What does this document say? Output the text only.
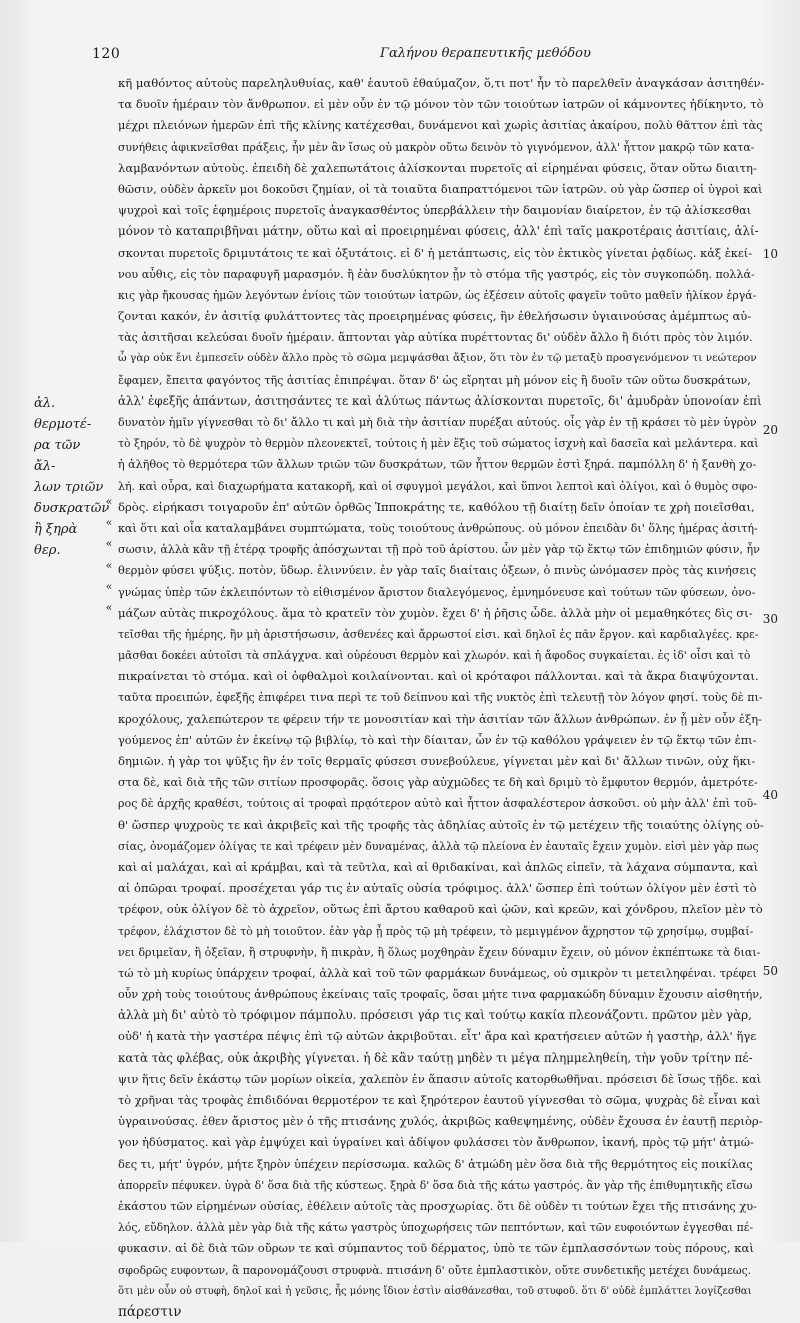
120	Γαλήνου θεραπευτικῆς μεθόδου
ἀλ. θερμοτέ-
ρα τῶν ἄλ-
λων τριῶν
δυσκρατῶν
ἢ ξηρὰ θερ.
«
«
«
«
«
«
10
20
30
40
50
κῆ μαθόντος αὐτοὺς παρεληλυθυίας, καθ' ἑαυτοῦ ἐθαύμαζον, ὅ,τι ποτ' ἦν τὸ παρελθεῖν ἀναγκάσαν ἀσιτηθέν-
τα δυοῖν ἡμέραιν τὸν ἄνθρωπον. εἰ μὲν οὖν ἐν τῷ μόνον τὸν τῶν τοιούτων ἰατρῶν οἱ κάμνοντες ἠδίκηντο, τὸ
μέχρι πλειόνων ἡμερῶν ἐπὶ τῆς κλίνης κατέχεσθαι, δυνάμενοι καὶ χωρὶς ἀσιτίας ἀκαίρου, πολὺ θᾶττον ἐπὶ τὰς
συνήθεις ἀφικνεῖσθαι πράξεις, ἦν μὲν ἂν ἴσως οὐ μακρὸν οὕτω δεινὸν τὸ γιγνόμενον, ἀλλ' ἧττον μακρῷ τῶν κατα-
λαμβανόντων αὐτοὺς. ἐπειδὴ δὲ χαλεπωτάτοις ἁλίσκονται πυρετοῖς αἱ εἰρημέναι φύσεις, ὅταν οὕτω διαιτη-
θῶσιν, οὐδὲν ἀρκεῖν μοι δοκοῦσι ζημίαν, οἱ τὰ τοιαῦτα διαπραττόμενοι τῶν ἰατρῶν. οὐ γὰρ ὥσπερ οἱ ὑγροὶ καὶ
ψυχροὶ καὶ τοῖς ἐφημέροις πυρετοῖς ἀναγκασθέντος ὑπερβάλλειν τὴν δαιμονίαν διαίρετον, ἐν τῷ ἀλίσκεσθαι
μόνον τὸ καταπριβῆναι μάτην, οὕτω καὶ αἱ προειρημέναι φύσεις, ἀλλ' ἐπὶ ταῖς μακροτέραις ἀσιτίαις, ἁλί-
σκονται πυρετοῖς δριμυτάτοις τε καὶ ὀξυτάτοις. εἰ δ' ἡ μετάπτωσις, εἰς τὸν ἐκτικὸς γίνεται ῥᾳδίως. κἀξ ἐκεί-
νου αὖθις, εἰς τὸν παραφυγῆ μαρασμόν. ἢ ἐὰν δυσλύκητον ᾖν τὸ στόμα τῆς γαστρός, εἰς τὸν συγκοπώδη. πολλά-
κις γὰρ ἤκουσας ἡμῶν λεγόντων ἐνίοις τῶν τοιούτων ἰατρῶν, ὡς ἐξέσειν αὐτοῖς φαγεῖν τοῦτο μαθεῖν ἡλίκον ἐργά-
ζονται κακόν, ἐν ἀσιτίᾳ φυλάττοντες τὰς προειρημένας φύσεις, ἢν ἐθελήσωσιν ὑγιαινούσας ἀμέμπτως αὐ-
τὰς ἀσιτῆσαι κελεύσαι δυοῖν ἡμέραιν. ἅπτονται γὰρ αὐτίκα πυρέττοντας δι' οὐδὲν ἄλλο ἢ διότι πρὸς τὸν λιμόν.
ὧ γὰρ οὐκ ἔνι ἐμπεσεῖν οὐδὲν ἄλλο πρὸς τὸ σῶμα μεμψάσθαι ἄξιον, ὅτι τὸν ἐν τῷ μεταξὺ προσγενόμενον τι νεώτερον
ἔφαμεν, ἔπειτα φαγόντος τῆς ἀσιτίας ἐπιπρέψαι. ὅταν δ' ὡς εἴρηται μὴ μόνον εἰς ἢ δυοῖν τῶν οὕτω δυσκράτων,
ἀλλ' ἐφεξῆς ἀπάντων, ἀσιτησάντες τε καὶ ἀλύτως πάντως ἀλίσκονται πυρετοῖς, δι' ἀμυδρὰν ὑπονοίαν ἐπὶ
δυνατὸν ἡμῖν γίγνεσθαι τὸ δι' ἄλλο τι καὶ μὴ διὰ τὴν ἀσιτίαν πυρέξαι αὐτούς. οἷς γὰρ ἐν τῇ κράσει τὸ μὲν ὑγρὸν
τὸ ξηρόν, τὸ δὲ ψυχρὸν τὸ θερμὸν πλεονεκτεῖ, τούτοις ἡ μὲν ἕξις τοῦ σώματος ἰσχνὴ καὶ δασεῖα καὶ μελάντερα. καὶ
ἡ ἀλῆθος τὸ θερμότερα τῶν ἄλλων τριῶν τῶν δυσκράτων, τῶν ἧττον θερμῶν ἐστὶ ξηρά. παμπόλλη δ' ἡ ξανθὴ χο-
λή. καὶ οὖρα, καὶ διαχωρήματα κατακορῆ, καὶ οἱ σφυγμοὶ μεγάλοι, καὶ ὕπνοι λεπτοὶ καὶ ὀλίγοι, καὶ ὁ θυμὸς σφο-
δρὸς. εἰρήκασι τοιγαροῦν ἐπ' αὐτῶν ὀρθῶς Ἱπποκράτης τε, καθόλου τῇ διαίτῃ δεῖν ὁποίαν τε χρὴ ποιεῖσθαι,
καὶ ὅτι καὶ οἷα καταλαμβάνει συμπτώματα, τοὺς τοιούτους ἀνθρώπους. οὐ μόνον ἐπειδὰν δι' ὅλης ἡμέρας ἀσιτή-
σωσιν, ἀλλὰ κἂν τῇ ἑτέρᾳ τροφῆς ἀπόσχωνται τῇ πρὸ τοῦ ἀρίστου. ὧν μὲν γὰρ τῷ ἕκτῳ τῶν ἐπιδημιῶν φύσιν, ἦν
θερμὸν φύσει ψύξις. ποτὸν, ὕδωρ. ἐλιννύειν. ἐν γὰρ ταῖς διαίταις ὀξεων, ὁ πινὺς ὠνόμασεν πρὸς τὰς κινήσεις
γνώμας ὑπὲρ τῶν ἐκλειπόντων τὸ εἰθισμένον ἄριστον διαλεγόμενος, ἐμνημόνευσε καὶ τούτων τῶν φύσεων, ὀνο-
μάζων αὐτὰς πικροχόλους. ἅμα τὸ κρατεῖν τὸν χυμὸν. ἔχει δ' ἡ ῥῆσις ὧδε. ἀλλὰ μὴν οἱ μεμαθηκότες δὶς σι-
τεῖσθαι τῆς ἡμέρης, ἢν μὴ ἀριστήσωσιν, ἀσθενέες καὶ ἄρρωστοί εἰσι. καὶ δηλοῖ ἐς πᾶν ἔργον. καὶ καρδιαλγέες. κρε-
μᾶσθαι δοκέει αὐτοῖσι τὰ σπλάγχνα. καὶ οὐρέουσι θερμὸν καὶ χλωρόν. καὶ ἡ ἄφοδος συγκαίεται. ἐς ἰδ' οἷσι καὶ τὸ
πικραίνεται τὸ στόμα. καὶ οἱ ὀφθαλμοὶ κοιλαίνονται. καὶ οἱ κρόταφοι πάλλονται. καὶ τὰ ἄκρα διαψύχονται.
ταῦτα προειπών, ἐφεξῆς ἐπιφέρει τινα περὶ τε τοῦ δείπνου καὶ τῆς νυκτὸς ἐπὶ τελευτῇ τὸν λόγον φησί. τοὺς δὲ πι-
κροχόλους, χαλεπώτερον τε φέρειν τήν τε μονοσιτίαν καὶ τὴν ἀσιτίαν τῶν ἄλλων ἀνθρώπων. ἐν ᾗ μὲν οὖν ἐξη-
γούμενος ἐπ' αὐτῶν ἐν ἐκείνῳ τῷ βιβλίῳ, τὸ καὶ τὴν δίαιταν, ὧν ἐν τῷ καθόλου γράψειεν ἐν τῷ ἕκτῳ τῶν ἐπι-
δημιῶν. ἡ γὰρ τοι ψῦξις ἣν ἐν τοῖς θερμαῖς φύσεσι συνεβούλευε, γίγνεται μὲν καὶ δι' ἄλλων τινῶν, οὐχ ἥκι-
στα δὲ, καὶ διὰ τῆς τῶν σιτίων προσφορᾶς. ὅσοις γὰρ αὐχμῶδες τε δὴ καὶ δριμὺ τὸ ἔμφυτον θερμόν, ἀμετρότε-
ρος δὲ ἀρχῆς κραθέσι, τούτοις αἱ τροφαὶ πρᾳότερον αὐτὸ καὶ ἧττον ἀσφαλέστερον ἀσκοῦσι. οὐ μὴν ἀλλ' ἐπὶ τοῦ-
θ' ὥσπερ ψυχροὺς τε καὶ ἀκριβεῖς καὶ τῆς τροφῆς τὰς ἀδηλίας αὐτοῖς ἐν τῷ μετέχειν τῆς τοιαύτης ὀλίγης οὐ-
σίας, ὀνομάζομεν ὀλίγας τε καὶ τρέφειν μὲν δυναμένας, ἀλλὰ τῷ πλείονα ἐν ἑαυταῖς ἔχειν χυμὸν. εἰσὶ μὲν γὰρ πως
καὶ αἱ μαλάχαι, καὶ αἱ κράμβαι, καὶ τὰ τεῦτλα, καὶ αἱ θριδακίναι, καὶ ἁπλῶς εἰπεῖν, τὰ λάχανα σύμπαντα, καὶ
αἱ ὀπῶραι τροφαί. προσέχεται γάρ τις ἐν αὐταῖς οὐσία τρόφιμος. ἀλλ' ὥσπερ ἐπὶ τούτων ὀλίγον μὲν ἐστὶ τὸ
τρέφον, οὐκ ὀλίγον δὲ τὸ ἀχρεῖον, οὕτως ἐπὶ ἄρτου καθαροῦ καὶ ᾠῶν, καὶ κρεῶν, καὶ χόνδρου, πλεῖον μὲν τὸ
τρέφον, ἐλάχιστον δὲ τὸ μὴ τοιοῦτον. ἐὰν γὰρ ᾖ πρὸς τῷ μὴ τρέφειν, τὸ μεμιγμένον ἄχρηστον τῷ χρησίμῳ, συμβαί-
νει δριμεῖαν, ἢ ὀξεῖαν, ἢ στρυφνὴν, ἢ πικρὰν, ἢ ὅλως μοχθηρὰν ἔχειν δύναμιν ἔχειν, οὐ μόνον ἐκπέπτωκε τὰ διαι-
τώ τὸ μὴ κυρίως ὑπάρχειν τροφαί, ἀλλὰ καὶ τοῦ τῶν φαρμάκων δυνάμεως, οὐ σμικρὸν τι μετειληφέναι. τρέφει
οὖν χρὴ τοὺς τοιούτους ἀνθρώπους ἐκείναις ταῖς τροφαῖς, ὅσαι μήτε τινα φαρμακώδη δύναμιν ἔχουσιν αἰσθητήν,
ἀλλὰ μὴ δι' αὐτὸ τὸ τρόφιμον πάμπολυ. πρόσεισι γάρ τις καὶ τούτῳ κακία πλεονάζοντι. πρῶτον μὲν γὰρ,
οὐδ' ἡ κατὰ τὴν γαστέρα πέψις ἐπὶ τῷ αὐτῶν ἀκριβοῦται. εἶτ' ἄρα καὶ κρατήσειεν αὐτῶν ἡ γαστὴρ, ἀλλ' ἥγε
κατὰ τὰς φλέβας, οὐκ ἀκριβὴς γίγνεται. ἡ δὲ κἂν ταύτῃ μηδὲν τι μέγα πλημμεληθείη, τὴν γοῦν τρίτην πέ-
ψιν ἥτις δεῖν ἑκάστῳ τῶν μορίων οἰκεία, χαλεπὸν ἐν ἅπασιν αὐτοῖς κατορθωθῆναι. πρόσεισι δὲ ἴσως τῇδε. καὶ
τὸ χρῆναι τὰς τροφὰς ἐπιδιδόναι θερμοτέρον τε καὶ ξηρότερον ἑαυτοῦ γίγνεσθαι τὸ σῶμα, ψυχρὰς δὲ εἶναι καὶ
ὑγραινούσας. ἐθεν ἄριστος μὲν ὁ τῆς πτισάνης χυλός, ἀκριβῶς καθεψημένης, οὐδὲν ἔχουσα ἐν ἑαυτῇ περιὸρ-
γον ἡδύσματος. καὶ γὰρ ἐμψύχει καὶ ὑγραίνει καὶ ἀδίψον φυλάσσει τὸν ἄνθρωπον, ἱκανή, πρὸς τῷ μήτ' ἀτμώ-
δες τι, μήτ' ὑγρόν, μήτε ξηρὸν ὑπέχειν περίσσωμα. καλῶς δ' ἀτμώδη μὲν ὅσα διὰ τῆς θερμότητος εἰς ποικίλας
ἀπορρεῖν πέφυκεν. ὑγρὰ δ' ὅσα διὰ τῆς κύστεως. ξηρὰ δ' ὅσα διὰ τῆς κάτω γαστρός. ἂν γὰρ τῆς ἐπιθυμητικῆς εἴσω
ἐκάστου τῶν εἰρημένων οὐσίας, ἐθέλειν αὐτοῖς τὰς προσχωρίας. ὅτι δὲ οὐδὲν τι τούτων ἔχει τῆς πτισάνης χυ-
λός, εὔδηλον. ἀλλὰ μὲν γὰρ διὰ τῆς κάτω γαστρὸς ὑποχωρήσεις τῶν πεπτόντων, καὶ τῶν ευφοιόντων ἐγγεσθαι πέ-
φυκασιν. αἱ δὲ διὰ τῶν οὔρων τε καὶ σύμπαντος τοῦ δέρματος, ὑπὸ τε τῶν ἐμπλασσόντων τοὺς πόρους, καὶ
σφοδρῶς ευφοντων, ἃ παρονομάζουσι στρυφνὰ. πτισάνη δ' οὔτε ἐμπλαστικὸν, οὔτε συνδετικῆς μετέχει δυνάμεως.
ὅτι μὲν οὖν οὐ στυφὴ, δηλοῖ καὶ ἡ γεῦσις, ἧς μόνης ἴδιον ἐστὶν αἰσθάνεσθαι, τοῦ στυφοῦ. ὅτι δ' οὐδὲ ἐμπλάττει λογίζεσθαι
πάρεστιν
